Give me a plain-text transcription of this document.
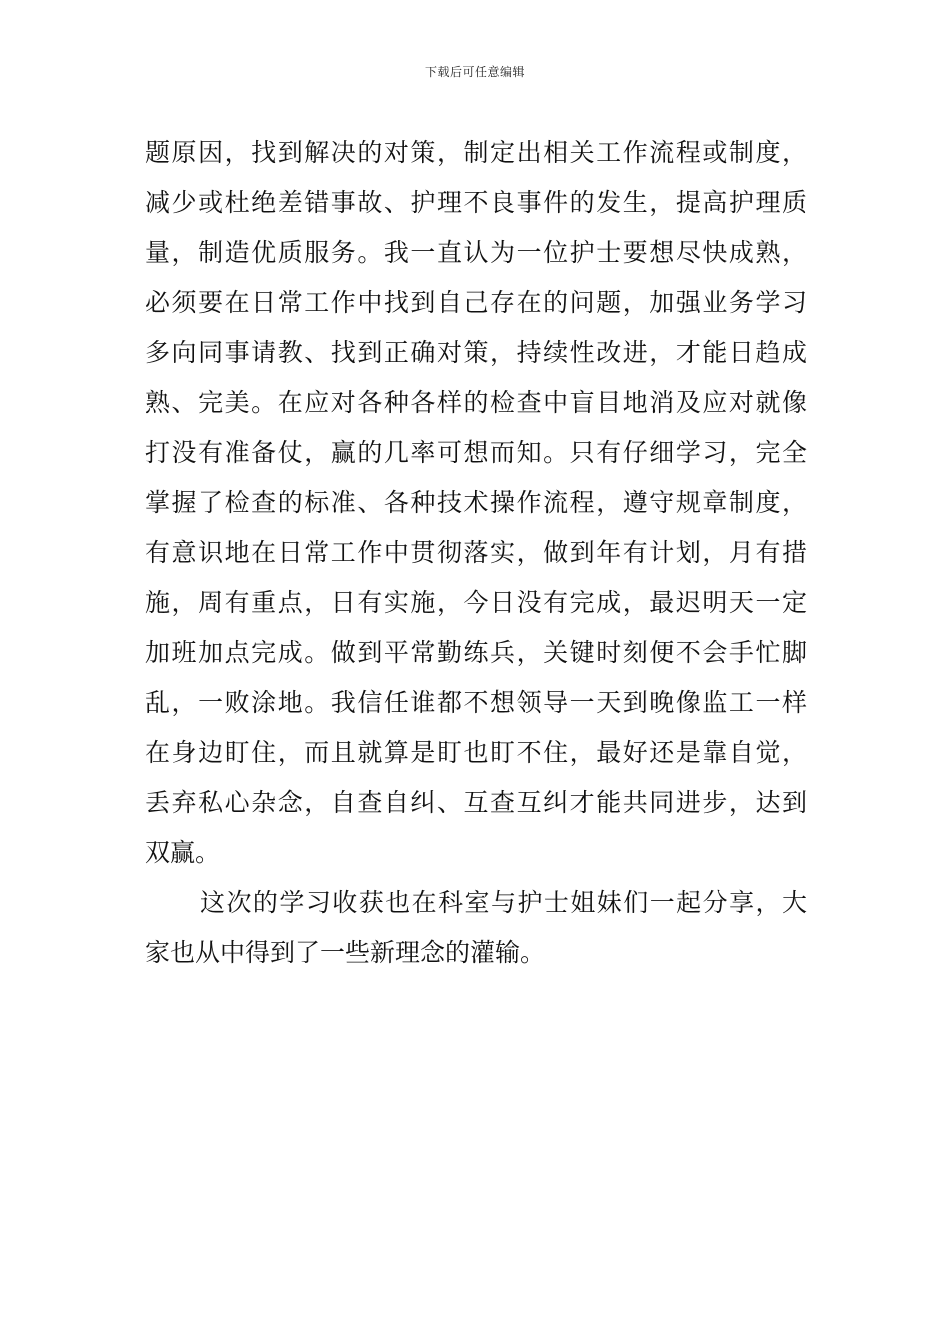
下载后可任意编辑
题原因，找到解决的对策，制定出相关工作流程或制度，
减少或杜绝差错事故、护理不良事件的发生，提高护理质
量，制造优质服务。我一直认为一位护士要想尽快成熟，
必须要在日常工作中找到自己存在的问题，加强业务学习
多向同事请教、找到正确对策，持续性改进，才能日趋成
熟、完美。在应对各种各样的检查中盲目地消及应对就像
打没有准备仗，赢的几率可想而知。只有仔细学习，完全
掌握了检查的标准、各种技术操作流程，遵守规章制度，
有意识地在日常工作中贯彻落实，做到年有计划，月有措
施，周有重点，日有实施，今日没有完成，最迟明天一定
加班加点完成。做到平常勤练兵，关键时刻便不会手忙脚
乱，一败涂地。我信任谁都不想领导一天到晚像监工一样
在身边盯住，而且就算是盯也盯不住，最好还是靠自觉，
丢弃私心杂念，自查自纠、互查互纠才能共同进步，达到
双赢。
这次的学习收获也在科室与护士姐妹们一起分享，大
家也从中得到了一些新理念的灌输。
